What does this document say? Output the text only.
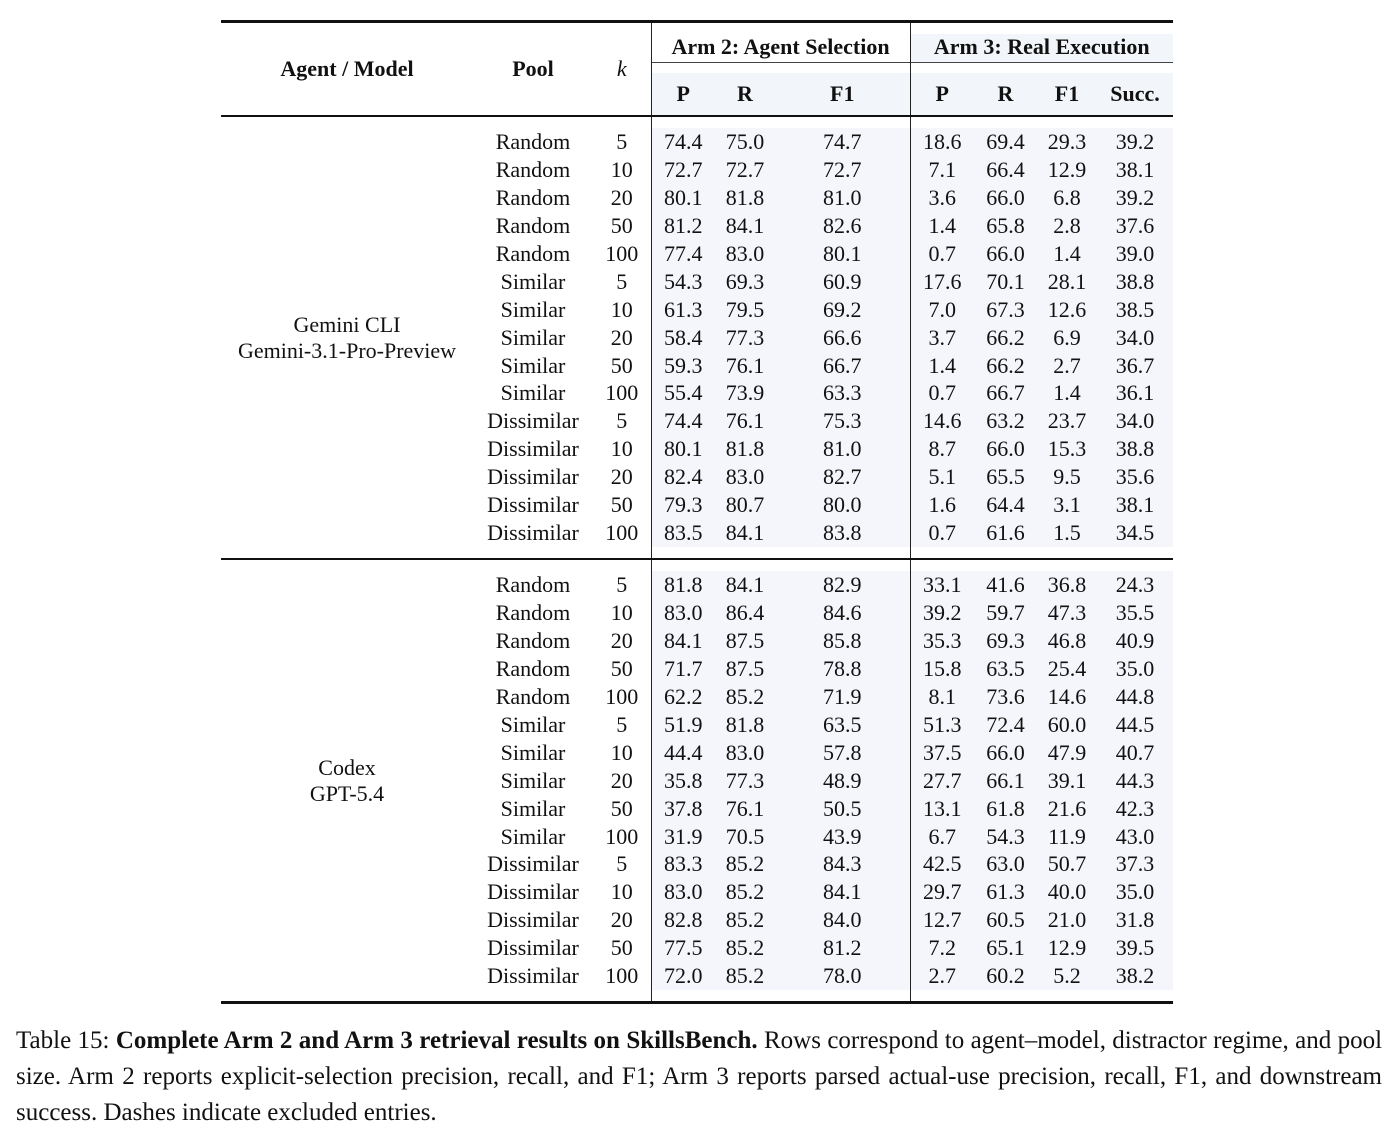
Agent / Model	Pool	k	Arm 2: Agent Selection			Arm 3: Real Execution			

			P	R	F1	P	R	F1	Succ.

Gemini CLI
Gemini-3.1-Pro-Preview	Random	5	74.4	75.0	74.7	18.6	69.4	29.3	39.2
	Random	10	72.7	72.7	72.7	7.1	66.4	12.9	38.1
	Random	20	80.1	81.8	81.0	3.6	66.0	6.8	39.2
	Random	50	81.2	84.1	82.6	1.4	65.8	2.8	37.6
	Random	100	77.4	83.0	80.1	0.7	66.0	1.4	39.0
	Similar	5	54.3	69.3	60.9	17.6	70.1	28.1	38.8
	Similar	10	61.3	79.5	69.2	7.0	67.3	12.6	38.5
	Similar	20	58.4	77.3	66.6	3.7	66.2	6.9	34.0
	Similar	50	59.3	76.1	66.7	1.4	66.2	2.7	36.7
	Similar	100	55.4	73.9	63.3	0.7	66.7	1.4	36.1
	Dissimilar	5	74.4	76.1	75.3	14.6	63.2	23.7	34.0
	Dissimilar	10	80.1	81.8	81.0	8.7	66.0	15.3	38.8
	Dissimilar	20	82.4	83.0	82.7	5.1	65.5	9.5	35.6
	Dissimilar	50	79.3	80.7	80.0	1.6	64.4	3.1	38.1
	Dissimilar	100	83.5	84.1	83.8	0.7	61.6	1.5	34.5

Codex
GPT-5.4	Random	5	81.8	84.1	82.9	33.1	41.6	36.8	24.3
	Random	10	83.0	86.4	84.6	39.2	59.7	47.3	35.5
	Random	20	84.1	87.5	85.8	35.3	69.3	46.8	40.9
	Random	50	71.7	87.5	78.8	15.8	63.5	25.4	35.0
	Random	100	62.2	85.2	71.9	8.1	73.6	14.6	44.8
	Similar	5	51.9	81.8	63.5	51.3	72.4	60.0	44.5
	Similar	10	44.4	83.0	57.8	37.5	66.0	47.9	40.7
	Similar	20	35.8	77.3	48.9	27.7	66.1	39.1	44.3
	Similar	50	37.8	76.1	50.5	13.1	61.8	21.6	42.3
	Similar	100	31.9	70.5	43.9	6.7	54.3	11.9	43.0
	Dissimilar	5	83.3	85.2	84.3	42.5	63.0	50.7	37.3
	Dissimilar	10	83.0	85.2	84.1	29.7	61.3	40.0	35.0
	Dissimilar	20	82.8	85.2	84.0	12.7	60.5	21.0	31.8
	Dissimilar	50	77.5	85.2	81.2	7.2	65.1	12.9	39.5
	Dissimilar	100	72.0	85.2	78.0	2.7	60.2	5.2	38.2

Table 15: Complete Arm 2 and Arm 3 retrieval results on SkillsBench. Rows correspond to agent–model, distractor regime, and pool size. Arm 2 reports explicit-selection precision, recall, and F1; Arm 3 reports parsed actual-use precision, recall, F1, and downstream success. Dashes indicate excluded entries.
